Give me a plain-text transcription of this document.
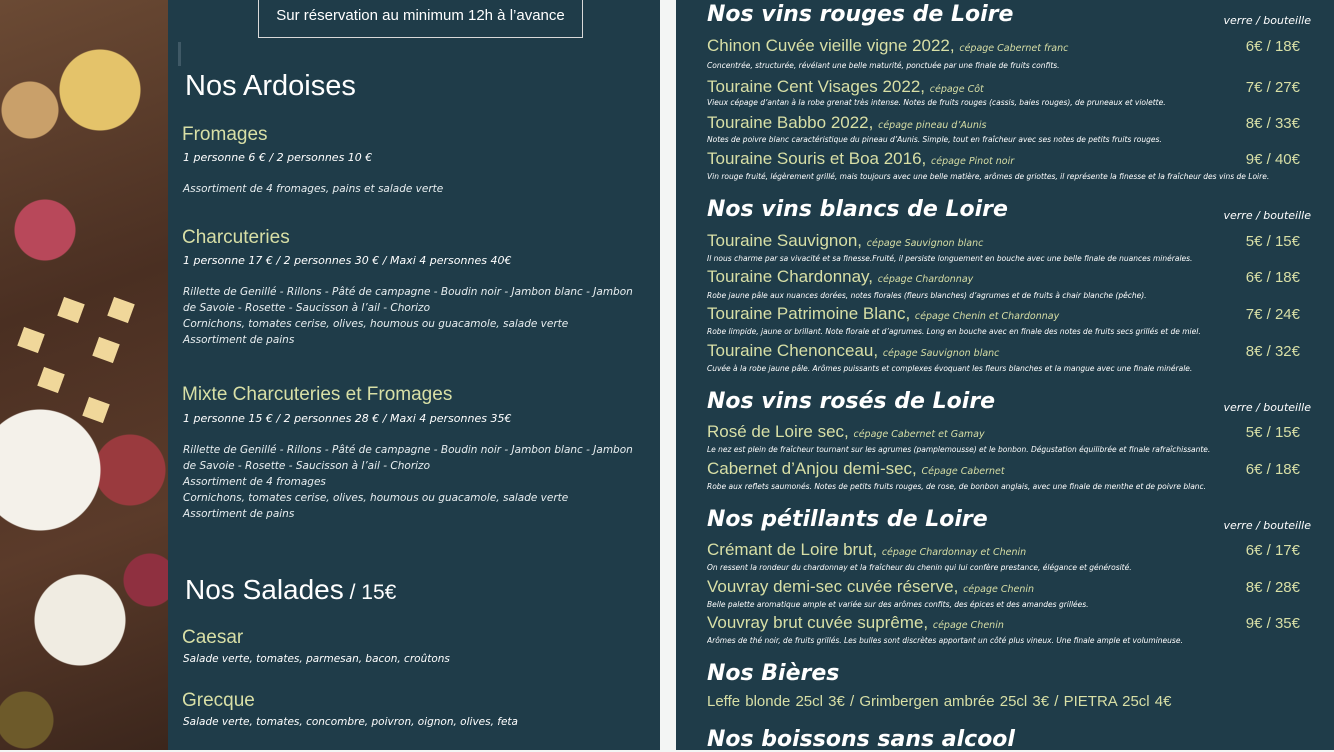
Sur réservation au minimum 12h à l’avance
Nos Ardoises
Fromages
1 personne 6 € / 2 personnes 10 €
Assortiment de 4 fromages, pains et salade verte
Charcuteries
1 personne 17 € / 2 personnes 30 € / Maxi 4 personnes 40€
Rillette de Genillé - Rillons - Pâté de campagne - Boudin noir - Jambon blanc - Jambon
de Savoie - Rosette - Saucisson à l’ail - Chorizo
Cornichons, tomates cerise, olives, houmous ou guacamole, salade verte
Assortiment de pains
Mixte Charcuteries et Fromages
1 personne 15 € / 2 personnes 28 € / Maxi 4 personnes 35€
Rillette de Genillé - Rillons - Pâté de campagne - Boudin noir - Jambon blanc - Jambon
de Savoie - Rosette - Saucisson à l’ail - Chorizo
Assortiment de 4 fromages
Cornichons, tomates cerise, olives, houmous ou guacamole, salade verte
Assortiment de pains
Nos Salades / 15€
Caesar
Salade verte, tomates, parmesan, bacon, croûtons
Grecque
Salade verte, tomates, concombre, poivron, oignon, olives, feta
Nos vins rouges de Loire	verre / bouteille
Chinon Cuvée vieille vigne 2022, cépage Cabernet franc	6€ / 18€
Concentrée, structurée, révélant une belle maturité, ponctuée par une finale de fruits confits.
Touraine Cent Visages 2022, cépage Côt	7€ / 27€
Vieux cépage d’antan à la robe grenat très intense. Notes de fruits rouges (cassis, baies rouges), de pruneaux et violette.
Touraine Babbo 2022, cépage pineau d’Aunis	8€ / 33€
Notes de poivre blanc caractéristique du pineau d’Aunis. Simple, tout en fraîcheur avec ses notes de petits fruits rouges.
Touraine Souris et Boa 2016, cépage Pinot noir	9€ / 40€
Vin rouge fruité, légèrement grillé, mais toujours avec une belle matière, arômes de griottes, il représente la finesse et la fraîcheur des vins de Loire.
Nos vins blancs de Loire	verre / bouteille
Touraine Sauvignon, cépage Sauvignon blanc	5€ / 15€
Il nous charme par sa vivacité et sa finesse.Fruité, il persiste longuement en bouche avec une belle finale de nuances minérales.
Touraine Chardonnay, cépage Chardonnay	6€ / 18€
Robe jaune pâle aux nuances dorées, notes florales (fleurs blanches) d’agrumes et de fruits à chair blanche (pêche).
Touraine Patrimoine Blanc, cépage Chenin et Chardonnay	7€ / 24€
Robe limpide, jaune or brillant. Note florale et d’agrumes. Long en bouche avec en finale des notes de fruits secs grillés et de miel.
Touraine Chenonceau, cépage Sauvignon blanc	8€ / 32€
Cuvée à la robe jaune pâle. Arômes puissants et complexes évoquant les fleurs blanches et la mangue avec une finale minérale.
Nos vins rosés de Loire	verre / bouteille
Rosé de Loire sec, cépage Cabernet et Gamay	5€ / 15€
Le nez est plein de fraîcheur tournant sur les agrumes (pamplemousse) et le bonbon. Dégustation équilibrée et finale rafraîchissante.
Cabernet d’Anjou demi-sec, Cépage Cabernet	6€ / 18€
Robe aux reflets saumonés. Notes de petits fruits rouges, de rose, de bonbon anglais, avec une finale de menthe et de poivre blanc.
Nos pétillants de Loire	verre / bouteille
Crémant de Loire brut, cépage Chardonnay et Chenin	6€ / 17€
On ressent la rondeur du chardonnay et la fraîcheur du chenin qui lui confère prestance, élégance et générosité.
Vouvray demi-sec cuvée réserve, cépage Chenin	8€ / 28€
Belle palette aromatique ample et variée sur des arômes confits, des épices et des amandes grillées.
Vouvray brut cuvée suprême, cépage Chenin	9€ / 35€
Arômes de thé noir, de fruits grillés. Les bulles sont discrètes apportant un côté plus vineux. Une finale ample et volumineuse.
Nos Bières
Leffe blonde 25cl 3€ / Grimbergen ambrée 25cl 3€ / PIETRA 25cl 4€
Nos boissons sans alcool
